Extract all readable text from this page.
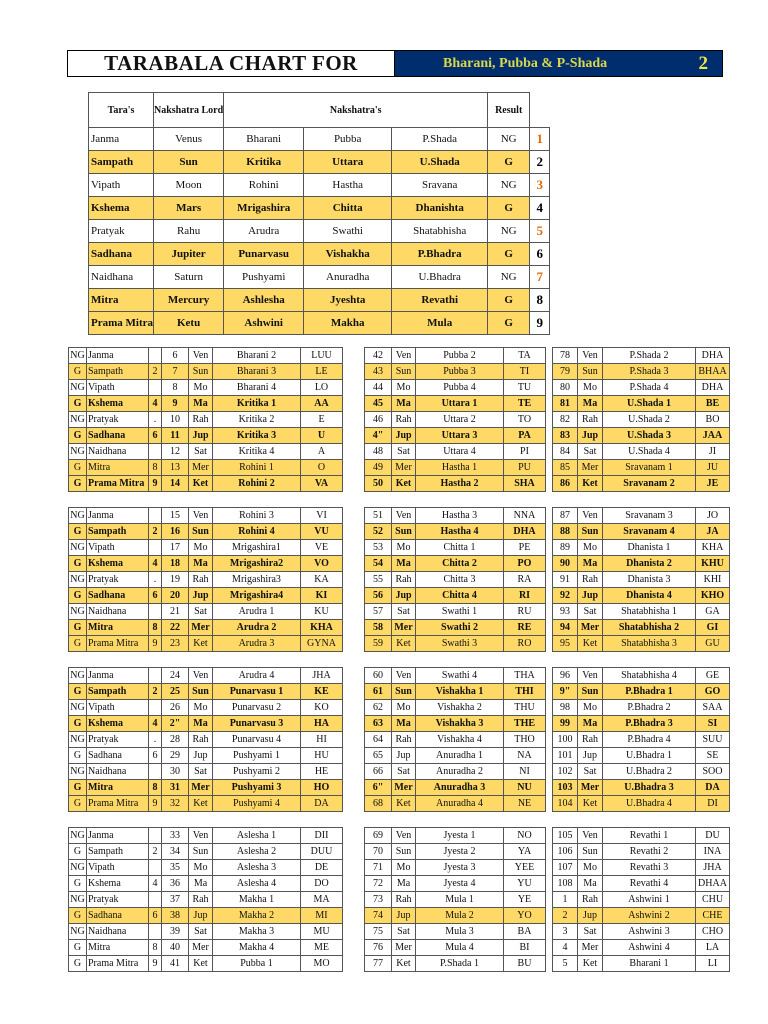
TARABALA CHART FOR	Bharani, Pubba & P-Shada	2
Tara's	Nakshatra Lord	Nakshatra's			Result	
Janma	Venus	Bharani	Pubba	P.Shada	NG	1
Sampath	Sun	Kritika	Uttara	U.Shada	G	2
Vipath	Moon	Rohini	Hastha	Sravana	NG	3
Kshema	Mars	Mrigashira	Chitta	Dhanishta	G	4
Pratyak	Rahu	Arudra	Swathi	Shatabhisha	NG	5
Sadhana	Jupiter	Punarvasu	Vishakha	P.Bhadra	G	6
Naidhana	Saturn	Pushyami	Anuradha	U.Bhadra	NG	7
Mitra	Mercury	Ashlesha	Jyeshta	Revathi	G	8
Prama Mitra	Ketu	Ashwini	Makha	Mula	G	9
NG	Janma		6	Ven	Bharani 2	LUU
G	Sampath	2	7	Sun	Bharani 3	LE
NG	Vipath		8	Mo	Bharani 4	LO
G	Kshema	4	9	Ma	Kritika 1	AA
NG	Pratyak	.	10	Rah	Kritika 2	E
G	Sadhana	6	11	Jup	Kritika 3	U
NG	Naidhana		12	Sat	Kritika 4	A
G	Mitra	8	13	Mer	Rohini 1	O
G	Prama Mitra	9	14	Ket	Rohini 2	VA

NG	Janma		15	Ven	Rohini 3	VI
G	Sampath	2	16	Sun	Rohini 4	VU
NG	Vipath		17	Mo	Mrigashira1	VE
G	Kshema	4	18	Ma	Mrigashira2	VO
NG	Pratyak	.	19	Rah	Mrigashira3	KA
G	Sadhana	6	20	Jup	Mrigashira4	KI
NG	Naidhana		21	Sat	Arudra 1	KU
G	Mitra	8	22	Mer	Arudra 2	KHA
G	Prama Mitra	9	23	Ket	Arudra 3	GYNA

NG	Janma		24	Ven	Arudra 4	JHA
G	Sampath	2	25	Sun	Punarvasu 1	KE
NG	Vipath		26	Mo	Punarvasu 2	KO
G	Kshema	4	2"	Ma	Punarvasu 3	HA
NG	Pratyak	.	28	Rah	Punarvasu 4	HI
G	Sadhana	6	29	Jup	Pushyami 1	HU
NG	Naidhana		30	Sat	Pushyami 2	HE
G	Mitra	8	31	Mer	Pushyami 3	HO
G	Prama Mitra	9	32	Ket	Pushyami 4	DA

NG	Janma		33	Ven	Aslesha 1	DII
G	Sampath	2	34	Sun	Aslesha 2	DUU
NG	Vipath		35	Mo	Aslesha 3	DE
G	Kshema	4	36	Ma	Aslesha 4	DO
NG	Pratyak		37	Rah	Makha 1	MA
G	Sadhana	6	38	Jup	Makha 2	MI
NG	Naidhana		39	Sat	Makha 3	MU
G	Mitra	8	40	Mer	Makha 4	ME
G	Prama Mitra	9	41	Ket	Pubba 1	MO
42	Ven	Pubba 2	TA
43	Sun	Pubba 3	TI
44	Mo	Pubba 4	TU
45	Ma	Uttara 1	TE
46	Rah	Uttara 2	TO
4"	Jup	Uttara 3	PA
48	Sat	Uttara 4	PI
49	Mer	Hastha 1	PU
50	Ket	Hastha 2	SHA

51	Ven	Hastha 3	NNA
52	Sun	Hastha 4	DHA
53	Mo	Chitta 1	PE
54	Ma	Chitta 2	PO
55	Rah	Chitta 3	RA
56	Jup	Chitta 4	RI
57	Sat	Swathi 1	RU
58	Mer	Swathi 2	RE
59	Ket	Swathi 3	RO

60	Ven	Swathi 4	THA
61	Sun	Vishakha 1	THI
62	Mo	Vishakha 2	THU
63	Ma	Vishakha 3	THE
64	Rah	Vishakha 4	THO
65	Jup	Anuradha 1	NA
66	Sat	Anuradha 2	NI
6"	Mer	Anuradha 3	NU
68	Ket	Anuradha 4	NE

69	Ven	Jyesta 1	NO
70	Sun	Jyesta 2	YA
71	Mo	Jyesta 3	YEE
72	Ma	Jyesta 4	YU
73	Rah	Mula 1	YE
74	Jup	Mula 2	YO
75	Sat	Mula 3	BA
76	Mer	Mula 4	BI
77	Ket	P.Shada 1	BU
78	Ven	P.Shada 2	DHA
79	Sun	P.Shada 3	BHAA
80	Mo	P.Shada 4	DHA
81	Ma	U.Shada 1	BE
82	Rah	U.Shada 2	BO
83	Jup	U.Shada 3	JAA
84	Sat	U.Shada 4	JI
85	Mer	Sravanam 1	JU
86	Ket	Sravanam 2	JE

87	Ven	Sravanam 3	JO
88	Sun	Sravanam 4	JA
89	Mo	Dhanista 1	KHA
90	Ma	Dhanista 2	KHU
91	Rah	Dhanista 3	KHI
92	Jup	Dhanista 4	KHO
93	Sat	Shatabhisha 1	GA
94	Mer	Shatabhisha 2	GI
95	Ket	Shatabhisha 3	GU

96	Ven	Shatabhisha 4	GE
9"	Sun	P.Bhadra 1	GO
98	Mo	P.Bhadra 2	SAA
99	Ma	P.Bhadra 3	SI
100	Rah	P.Bhadra 4	SUU
101	Jup	U.Bhadra 1	SE
102	Sat	U.Bhadra 2	SOO
103	Mer	U.Bhadra 3	DA
104	Ket	U.Bhadra 4	DI

105	Ven	Revathi 1	DU
106	Sun	Revathi 2	INA
107	Mo	Revathi 3	JHA
108	Ma	Revathi 4	DHAA
1	Rah	Ashwini 1	CHU
2	Jup	Ashwini 2	CHE
3	Sat	Ashwini 3	CHO
4	Mer	Ashwini 4	LA
5	Ket	Bharani 1	LI
